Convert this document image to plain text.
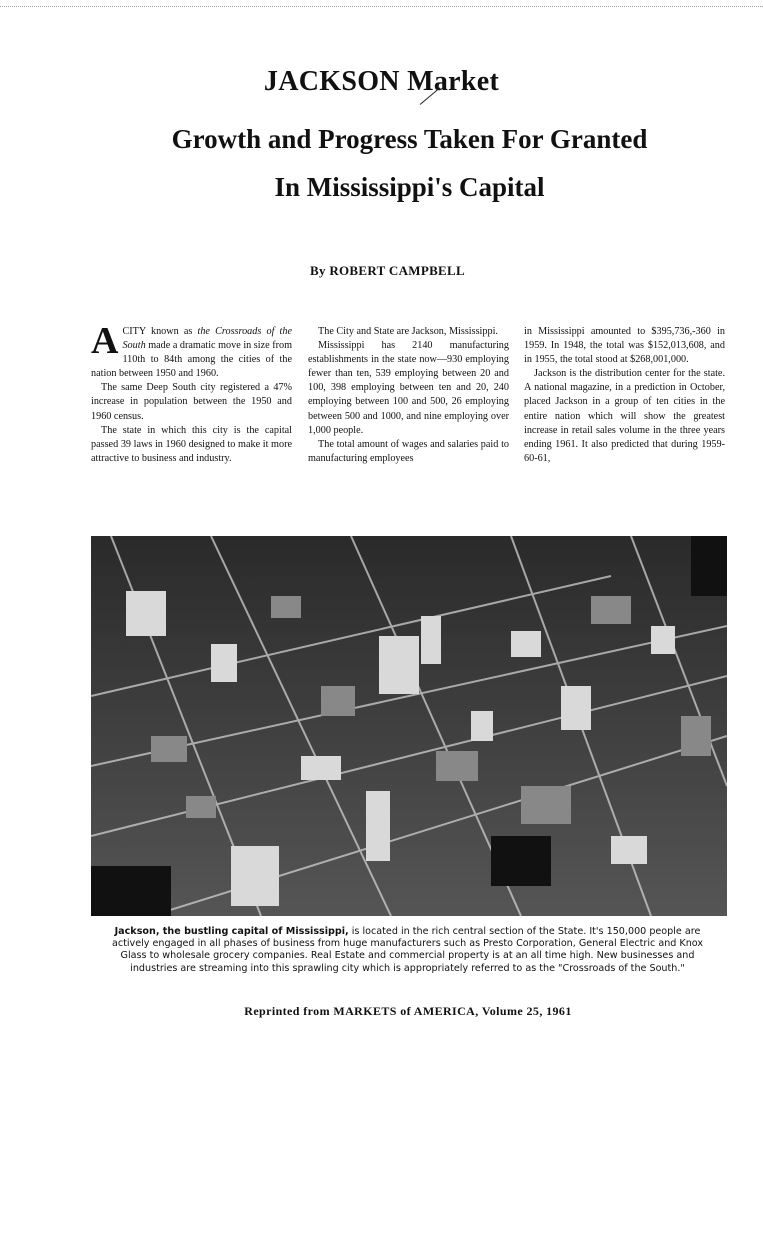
JACKSON Market
Growth and Progress Taken For Granted
In Mississippi's Capital
By ROBERT CAMPBELL

ACITY known as the Crossroads of the South made a dramatic move in size from 110th to 84th among the cities of the nation between 1950 and 1960.

The same Deep South city registered a 47% increase in population between the 1950 and 1960 census.

The state in which this city is the capital passed 39 laws in 1960 designed to make it more attractive to business and industry.

The City and State are Jackson, Mississippi.

Mississippi has 2140 manufacturing establishments in the state now—930 employing fewer than ten, 539 employing between 20 and 100, 398 employing between ten and 20, 240 employing between 100 and 500, 26 employing between 500 and 1000, and nine employing over 1,000 people.

The total amount of wages and salaries paid to manufacturing employees

in Mississippi amounted to $395,736,-360 in 1959. In 1948, the total was $152,013,608, and in 1955, the total stood at $268,001,000.

Jackson is the distribution center for the state. A national magazine, in a prediction in October, placed Jackson in a group of ten cities in the entire nation which will show the greatest increase in retail sales volume in the three years ending 1961. It also predicted that during 1959-60-61,

Jackson, the bustling capital of Mississippi, is located in the rich central section of the State. It's 150,000 people are actively engaged in all phases of business from huge manufacturers such as Presto Corporation, General Electric and Knox Glass to wholesale grocery companies. Real Estate and commercial property is at an all time high. New businesses and industries are streaming into this sprawling city which is appropriately referred to as the "Crossroads of the South."
Reprinted from MARKETS of AMERICA, Volume 25, 1961
